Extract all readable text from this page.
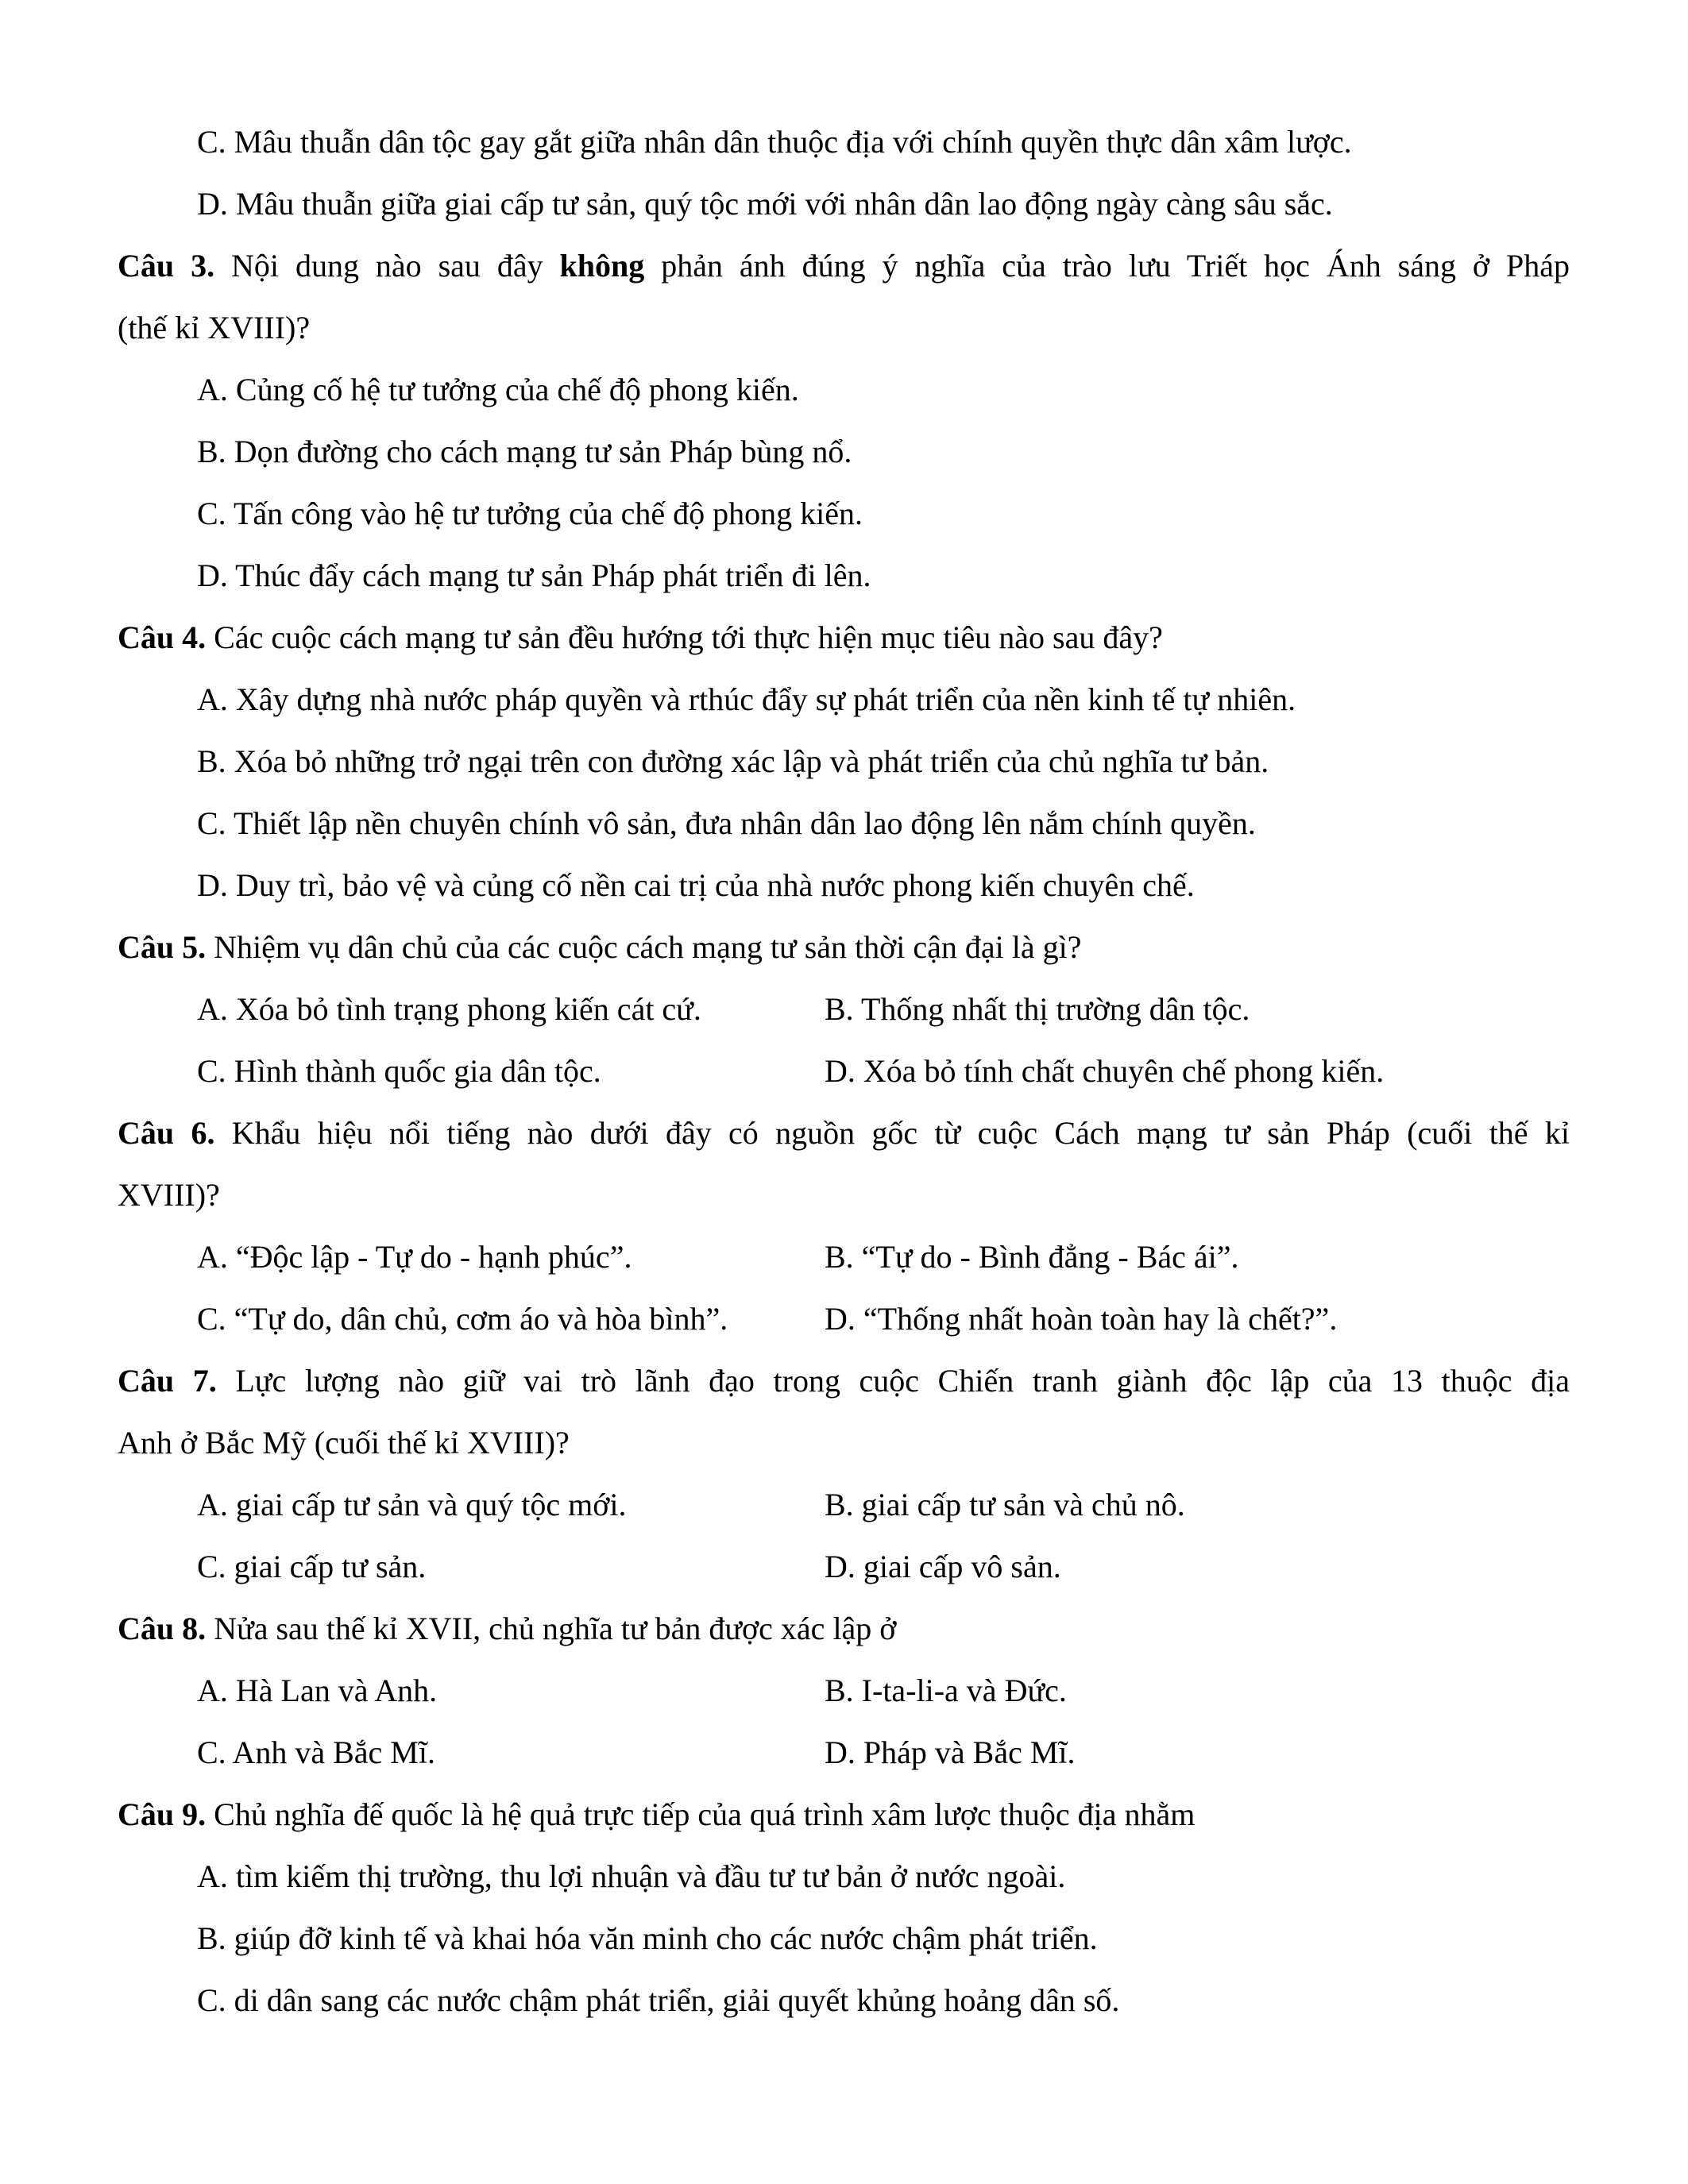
C. Mâu thuẫn dân tộc gay gắt giữa nhân dân thuộc địa với chính quyền thực dân xâm lược.
D. Mâu thuẫn giữa giai cấp tư sản, quý tộc mới với nhân dân lao động ngày càng sâu sắc.
Câu 3. Nội dung nào sau đây không phản ánh đúng ý nghĩa của trào lưu Triết học Ánh sáng ở Pháp
(thế kỉ XVIII)?
A. Củng cố hệ tư tưởng của chế độ phong kiến.
B. Dọn đường cho cách mạng tư sản Pháp bùng nổ.
C. Tấn công vào hệ tư tưởng của chế độ phong kiến.
D. Thúc đẩy cách mạng tư sản Pháp phát triển đi lên.
Câu 4. Các cuộc cách mạng tư sản đều hướng tới thực hiện mục tiêu nào sau đây?
A. Xây dựng nhà nước pháp quyền và rthúc đẩy sự phát triển của nền kinh tế tự nhiên.
B. Xóa bỏ những trở ngại trên con đường xác lập và phát triển của chủ nghĩa tư bản.
C. Thiết lập nền chuyên chính vô sản, đưa nhân dân lao động lên nắm chính quyền.
D. Duy trì, bảo vệ và củng cố nền cai trị của nhà nước phong kiến chuyên chế.
Câu 5. Nhiệm vụ dân chủ của các cuộc cách mạng tư sản thời cận đại là gì?
A. Xóa bỏ tình trạng phong kiến cát cứ.	B. Thống nhất thị trường dân tộc.
C. Hình thành quốc gia dân tộc.	D. Xóa bỏ tính chất chuyên chế phong kiến.
Câu 6. Khẩu hiệu nổi tiếng nào dưới đây có nguồn gốc từ cuộc Cách mạng tư sản Pháp (cuối thế kỉ
XVIII)?
A. “Độc lập - Tự do - hạnh phúc”.	B. “Tự do - Bình đẳng - Bác ái”.
C. “Tự do, dân chủ, cơm áo và hòa bình”.	D. “Thống nhất hoàn toàn hay là chết?”.
Câu 7. Lực lượng nào giữ vai trò lãnh đạo trong cuộc Chiến tranh giành độc lập của 13 thuộc địa
Anh ở Bắc Mỹ (cuối thế kỉ XVIII)?
A. giai cấp tư sản và quý tộc mới.	B. giai cấp tư sản và chủ nô.
C. giai cấp tư sản.	D. giai cấp vô sản.
Câu 8. Nửa sau thế kỉ XVII, chủ nghĩa tư bản được xác lập ở
A. Hà Lan và Anh.	B. I-ta-li-a và Đức.
C. Anh và Bắc Mĩ.	D. Pháp và Bắc Mĩ.
Câu 9. Chủ nghĩa đế quốc là hệ quả trực tiếp của quá trình xâm lược thuộc địa nhằm
A. tìm kiếm thị trường, thu lợi nhuận và đầu tư tư bản ở nước ngoài.
B. giúp đỡ kinh tế và khai hóa văn minh cho các nước chậm phát triển.
C. di dân sang các nước chậm phát triển, giải quyết khủng hoảng dân số.
